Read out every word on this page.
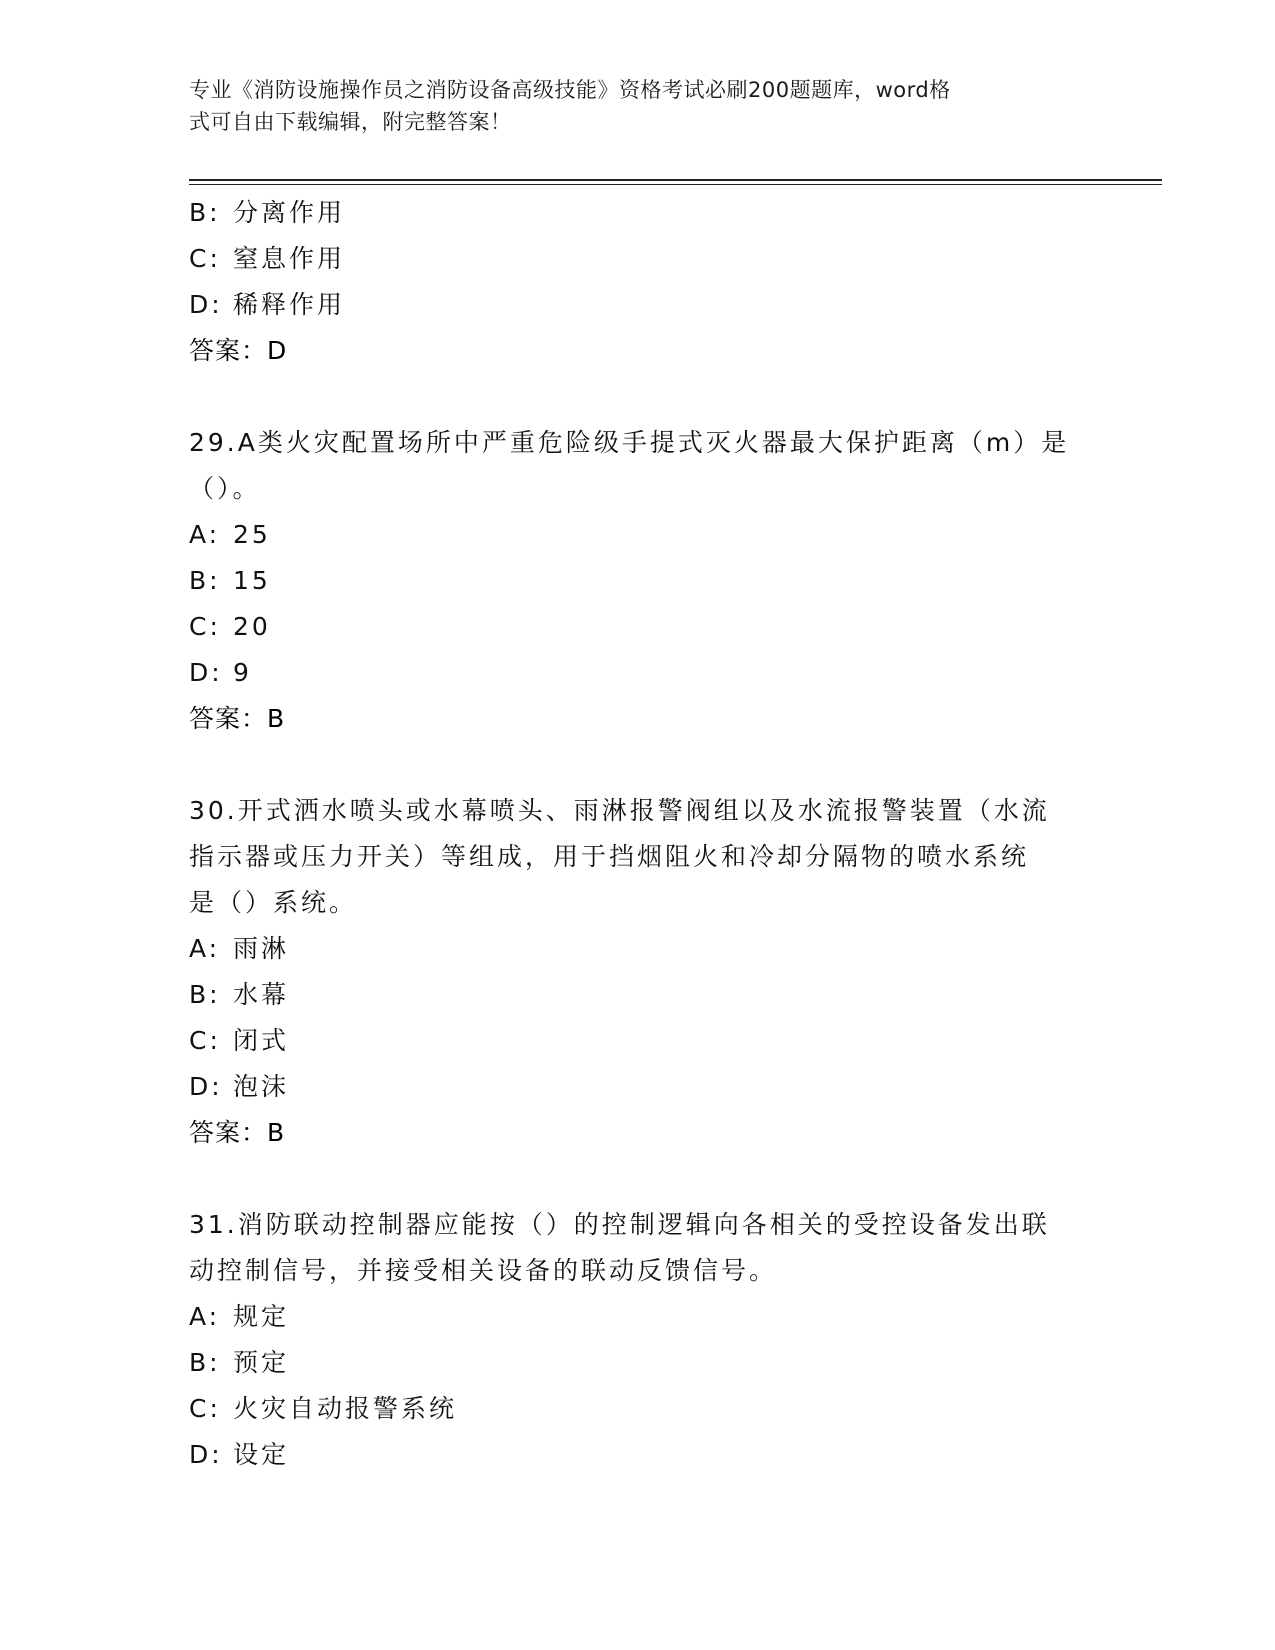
专业《消防设施操作员之消防设备高级技能》资格考试必刷200题题库，word格
式可自由下载编辑，附完整答案！
B: 分离作用
C: 窒息作用
D: 稀释作用
答案：D
29.A类火灾配置场所中严重危险级手提式灭火器最大保护距离（m）是
（）。
A: 25
B: 15
C: 20
D: 9
答案：B
30.开式洒水喷头或水幕喷头、雨淋报警阀组以及水流报警装置（水流
指示器或压力开关）等组成，用于挡烟阻火和冷却分隔物的喷水系统
是（）系统。
A: 雨淋
B: 水幕
C: 闭式
D: 泡沫
答案：B
31.消防联动控制器应能按（）的控制逻辑向各相关的受控设备发出联
动控制信号，并接受相关设备的联动反馈信号。
A: 规定
B: 预定
C: 火灾自动报警系统
D: 设定
